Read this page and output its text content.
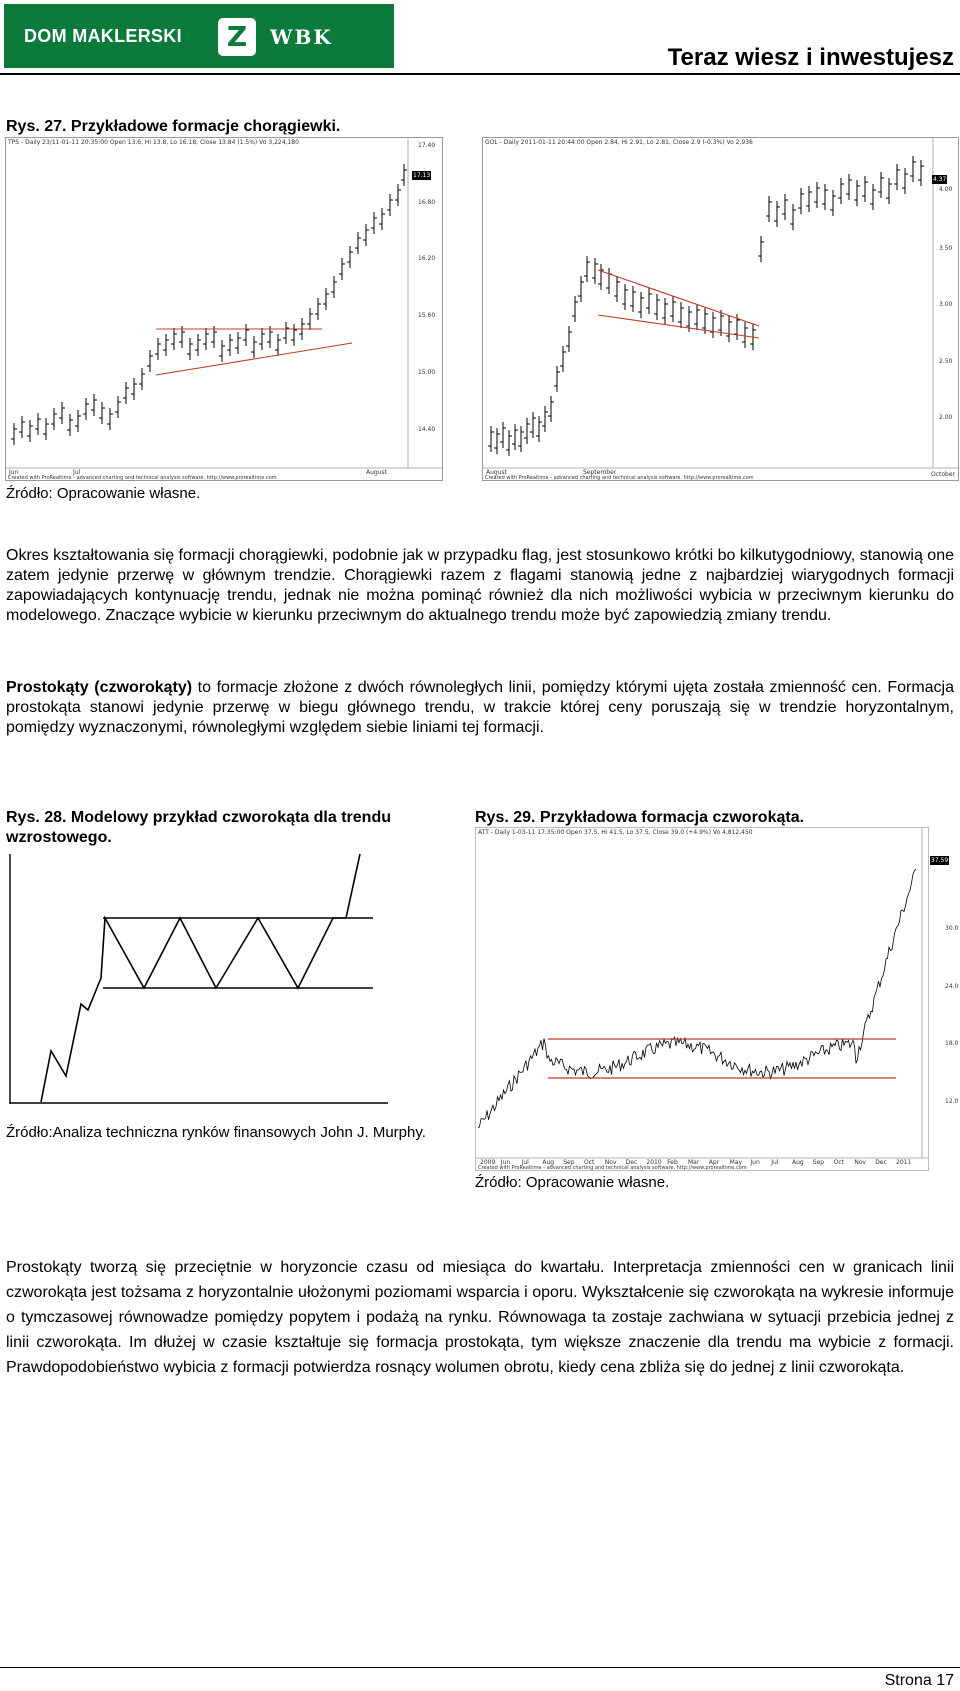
DOM MAKLERSKI	Z	WBK
Teraz wiesz i inwestujesz
Rys. 27. Przykładowe formacje chorągiewki.
TPS - Daily 23/11-01-11 20:35:00 Open 13.6, Hi 13.8, Lo 16.18, Close 13.84 (1.5%) Vo 3,224,180	17.40
17.13
16.80
16.20
15.60
15.00
14.40
Jun	Jul	August
Created with ProRealtime - advanced charting and technical analysis software. http://www.prorealtime.com
GOL - Daily 2011-01-11 20:44:00 Open 2.84, Hi 2.91, Lo 2.81, Close 2.9 (-0.3%) Vo 2,936
4.00
4.37
3.50
3.00
2.50
2.00
August	September	October
Created with ProRealtime - advanced charting and technical analysis software. http://www.prorealtime.com
Źródło: Opracowanie własne.

Okres kształtowania się formacji chorągiewki, podobnie jak w przypadku flag, jest stosunkowo krótki bo kilkutygodniowy, stanowią one zatem jedynie przerwę w głównym trendzie. Chorągiewki razem z flagami stanowią jedne z najbardziej wiarygodnych formacji zapowiadających kontynuację trendu, jednak nie można pominąć również dla nich możliwości wybicia w przeciwnym kierunku do modelowego. Znaczące wybicie w kierunku przeciwnym do aktualnego trendu może być zapowiedzią zmiany trendu.

Prostokąty (czworokąty) to formacje złożone z dwóch równoległych linii, pomiędzy którymi ujęta została zmienność cen. Formacja prostokąta stanowi jedynie przerwę w biegu głównego trendu, w trakcie której ceny poruszają się w trendzie horyzontalnym, pomiędzy wyznaczonymi, równoległymi względem siebie liniami tej formacji.

Rys. 28. Modelowy przykład czworokąta dla trendu wzrostowego.
Źródło:Analiza techniczna rynków finansowych John J. Murphy.
Rys. 29. Przykładowa formacja czworokąta.
ATT - Daily 1-03-11 17:35:00 Open 37.5, Hi 41.5, Lo 37.5, Close 39.0 (+4.9%) Vo 4,812,450
37.59
30.0
24.0
18.0
12.0
2009 Jun Jul Aug Sep Oct Nov Dec 2010 Feb Mar Apr May Jun Jul Aug Sep Oct Nov Dec 2011
Created with ProRealtime - advanced charting and technical analysis software. http://www.prorealtime.com
Źródło: Opracowanie własne.

Prostokąty tworzą się przeciętnie w horyzoncie czasu od miesiąca do kwartału. Interpretacja zmienności cen w granicach linii czworokąta jest tożsama z horyzontalnie ułożonymi poziomami wsparcia i oporu. Wykształcenie się czworokąta na wykresie informuje o tymczasowej równowadze pomiędzy popytem i podażą na rynku. Równowaga ta zostaje zachwiana w sytuacji przebicia jednej z linii czworokąta. Im dłużej w czasie kształtuje się formacja prostokąta, tym większe znaczenie dla trendu ma wybicie z formacji. Prawdopodobieństwo wybicia z formacji potwierdza rosnący wolumen obrotu, kiedy cena zbliża się do jednej z linii czworokąta.

Strona 17
